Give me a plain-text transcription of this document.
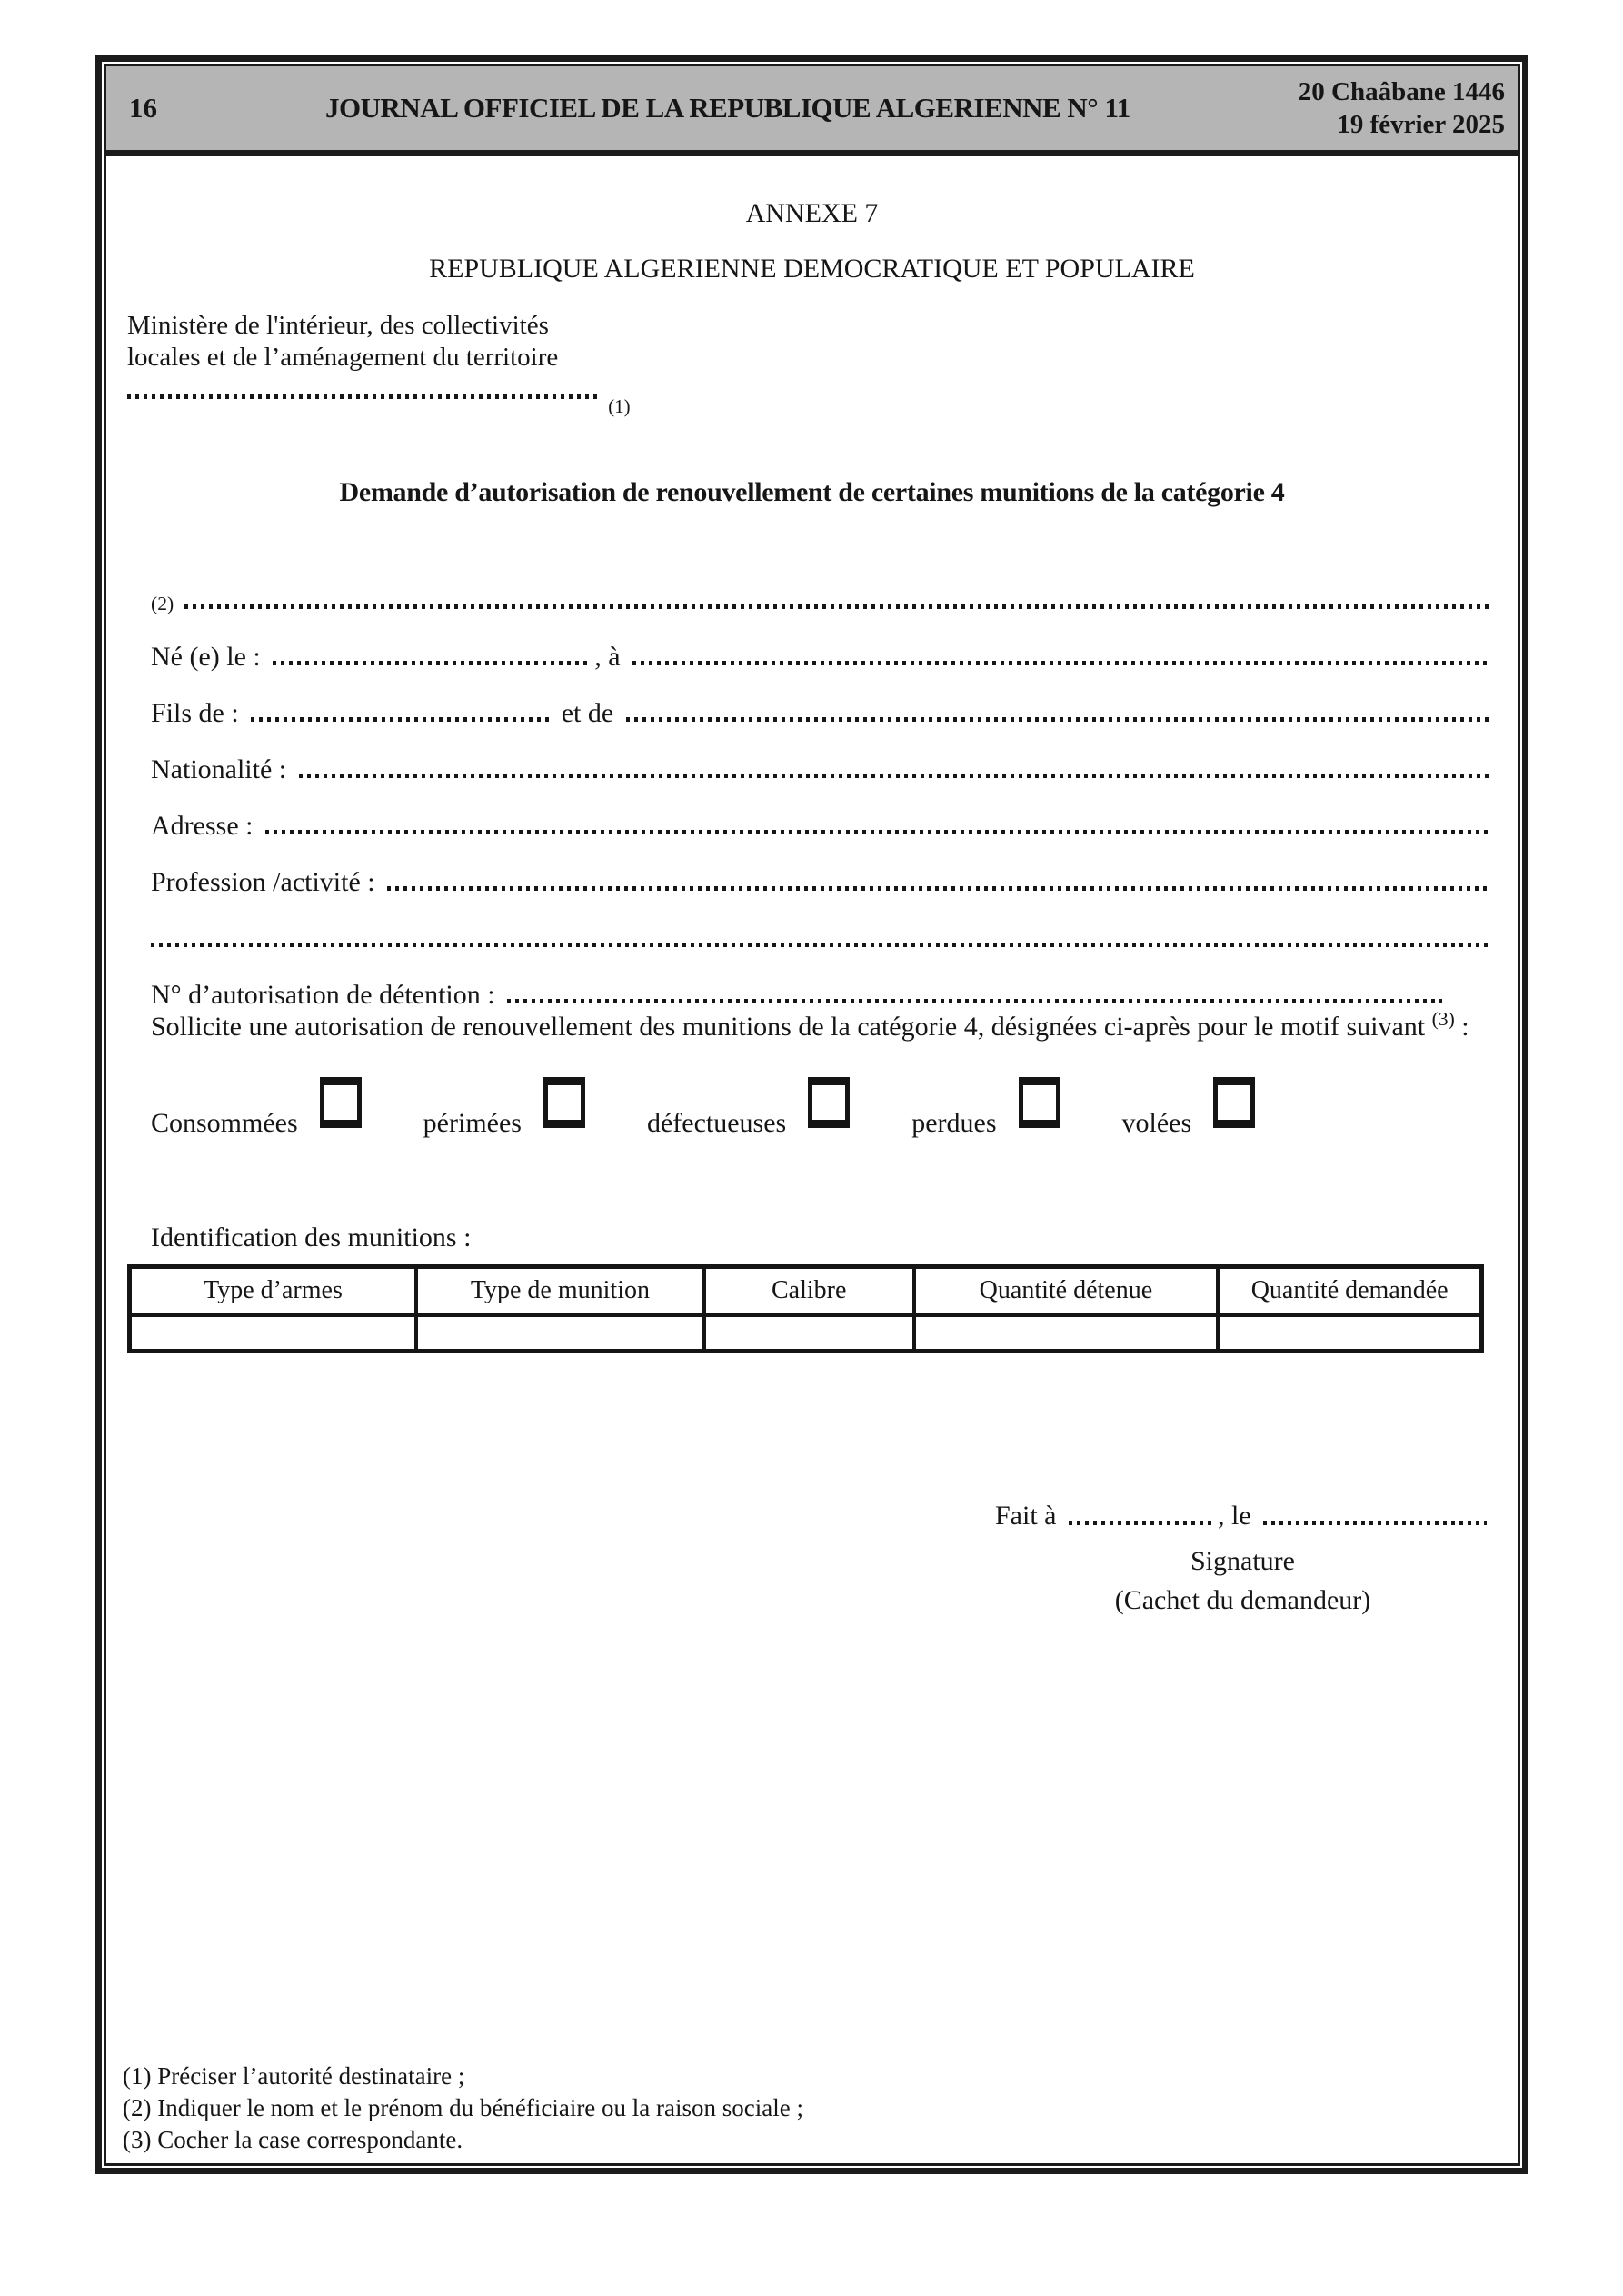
16	JOURNAL OFFICIEL DE LA REPUBLIQUE ALGERIENNE N° 11	20 Chaâbane 1446
19 février 2025
ANNEXE 7
REPUBLIQUE ALGERIENNE DEMOCRATIQUE ET POPULAIRE
Ministère de l'intérieur, des collectivités
locales et de l’aménagement du territoire
(1)
Demande d’autorisation de renouvellement de certaines munitions de la catégorie 4
(2)
Né (e) le :	, à
Fils de :	et de
Nationalité :
Adresse :
Profession /activité :
N° d’autorisation de détention :
Sollicite une autorisation de renouvellement des munitions de la catégorie 4, désignées ci-après pour le motif suivant $^{(3)}$ :
Consommées	périmées	défectueuses	perdues	volées
Identification des munitions :
Type d’armes	Type de munition	Calibre	Quantité détenue	Quantité demandée

Fait à	, le
Signature
(Cachet du demandeur)
(1) Préciser l’autorité destinataire ;
(2) Indiquer le nom et le prénom du bénéficiaire ou la raison sociale ;
(3) Cocher la case correspondante.
